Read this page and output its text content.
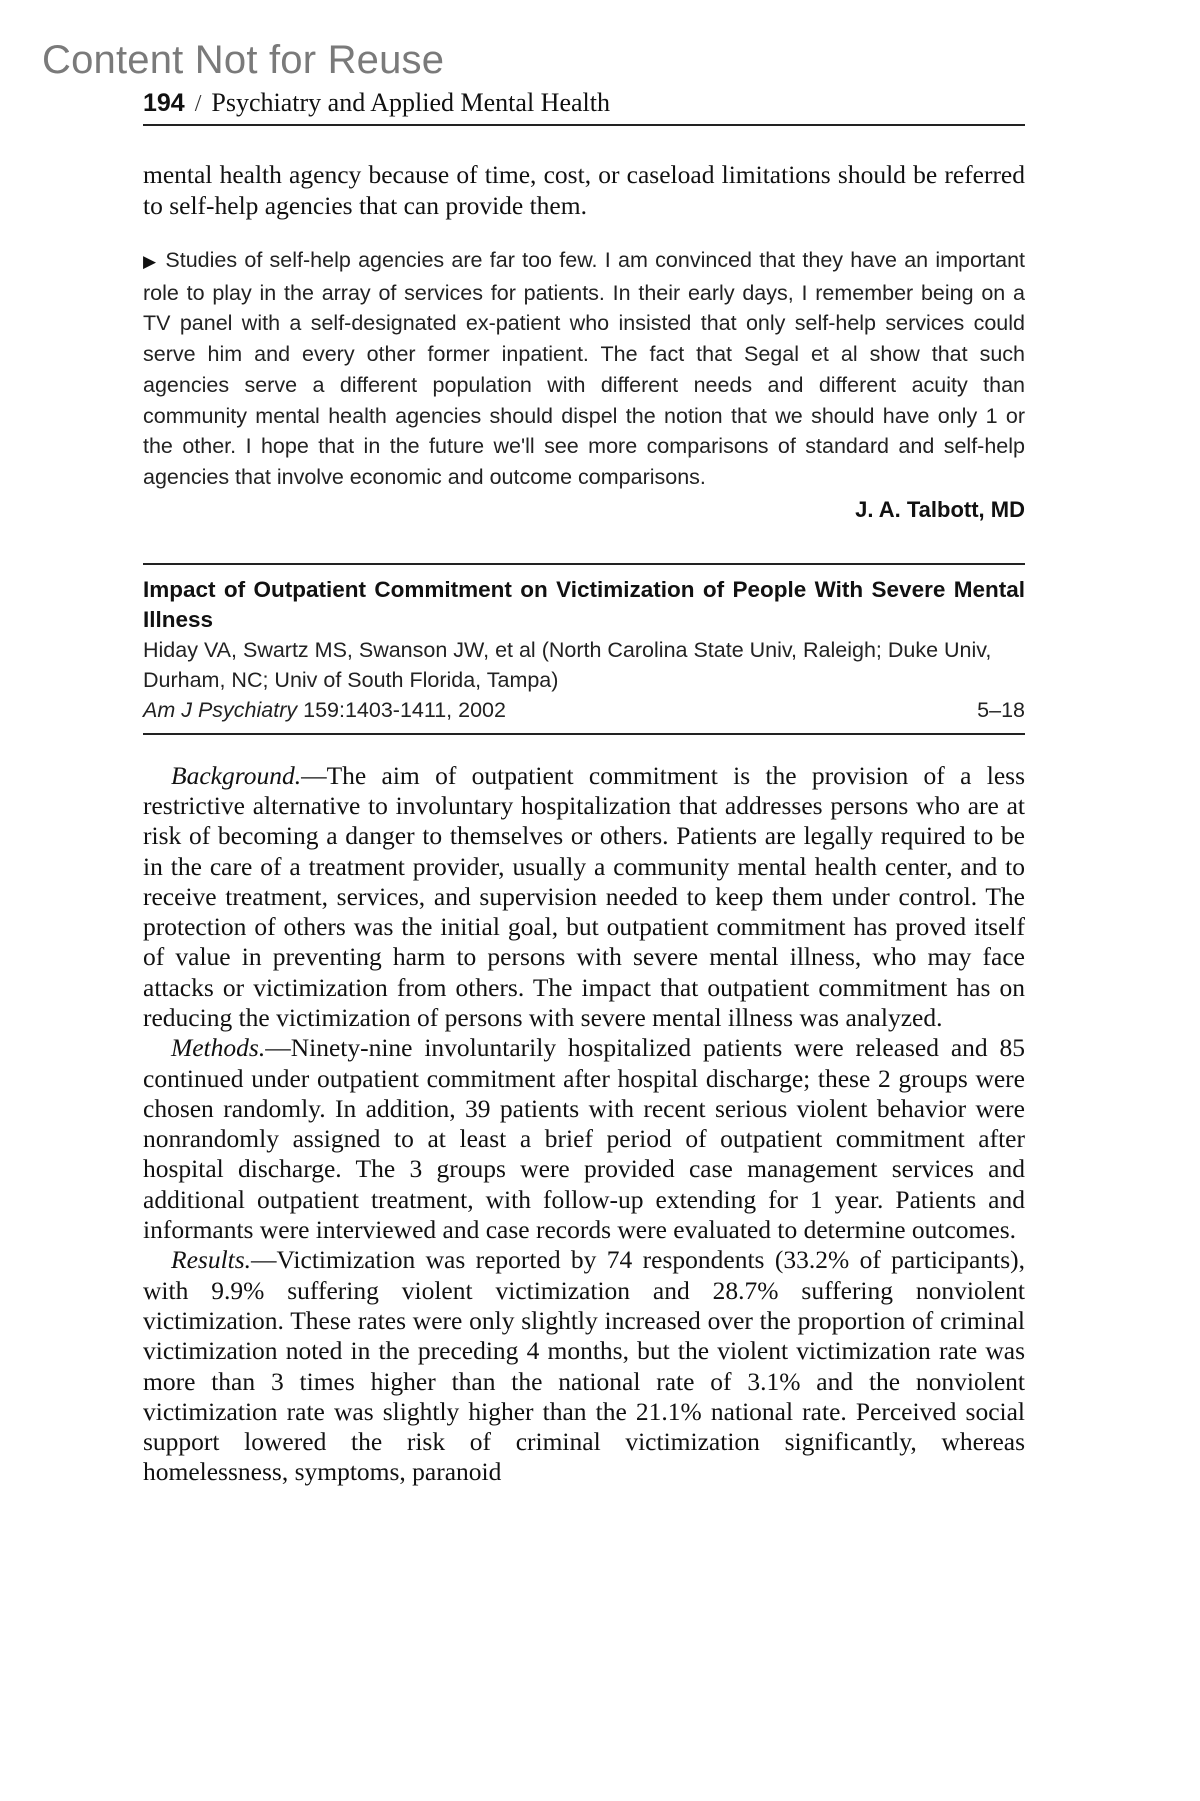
Content Not for Reuse
194 / Psychiatry and Applied Mental Health

mental health agency because of time, cost, or caseload limitations should be referred to self-help agencies that can provide them.

▶ Studies of self-help agencies are far too few. I am convinced that they have an important role to play in the array of services for patients. In their early days, I remember being on a TV panel with a self-designated ex-patient who insisted that only self-help services could serve him and every other former inpatient. The fact that Segal et al show that such agencies serve a different population with different needs and different acuity than community mental health agencies should dispel the notion that we should have only 1 or the other. I hope that in the future we'll see more comparisons of standard and self-help agencies that involve economic and outcome comparisons.

J. A. Talbott, MD

Impact of Outpatient Commitment on Victimization of People With Severe Mental Illness

Hiday VA, Swartz MS, Swanson JW, et al (North Carolina State Univ, Raleigh; Duke Univ, Durham, NC; Univ of South Florida, Tampa)

Am J Psychiatry 159:1403-1411, 2002	5–18

Background.—The aim of outpatient commitment is the provision of a less restrictive alternative to involuntary hospitalization that addresses persons who are at risk of becoming a danger to themselves or others. Patients are legally required to be in the care of a treatment provider, usually a community mental health center, and to receive treatment, services, and supervision needed to keep them under control. The protection of others was the initial goal, but outpatient commitment has proved itself of value in preventing harm to persons with severe mental illness, who may face attacks or victimization from others. The impact that outpatient commitment has on reducing the victimization of persons with severe mental illness was analyzed.

Methods.—Ninety-nine involuntarily hospitalized patients were released and 85 continued under outpatient commitment after hospital discharge; these 2 groups were chosen randomly. In addition, 39 patients with recent serious violent behavior were nonrandomly assigned to at least a brief period of outpatient commitment after hospital discharge. The 3 groups were provided case management services and additional outpatient treatment, with follow-up extending for 1 year. Patients and informants were interviewed and case records were evaluated to determine outcomes.

Results.—Victimization was reported by 74 respondents (33.2% of participants), with 9.9% suffering violent victimization and 28.7% suffering nonviolent victimization. These rates were only slightly increased over the proportion of criminal victimization noted in the preceding 4 months, but the violent victimization rate was more than 3 times higher than the national rate of 3.1% and the nonviolent victimization rate was slightly higher than the 21.1% national rate. Perceived social support lowered the risk of criminal victimization significantly, whereas homelessness, symptoms, paranoid
